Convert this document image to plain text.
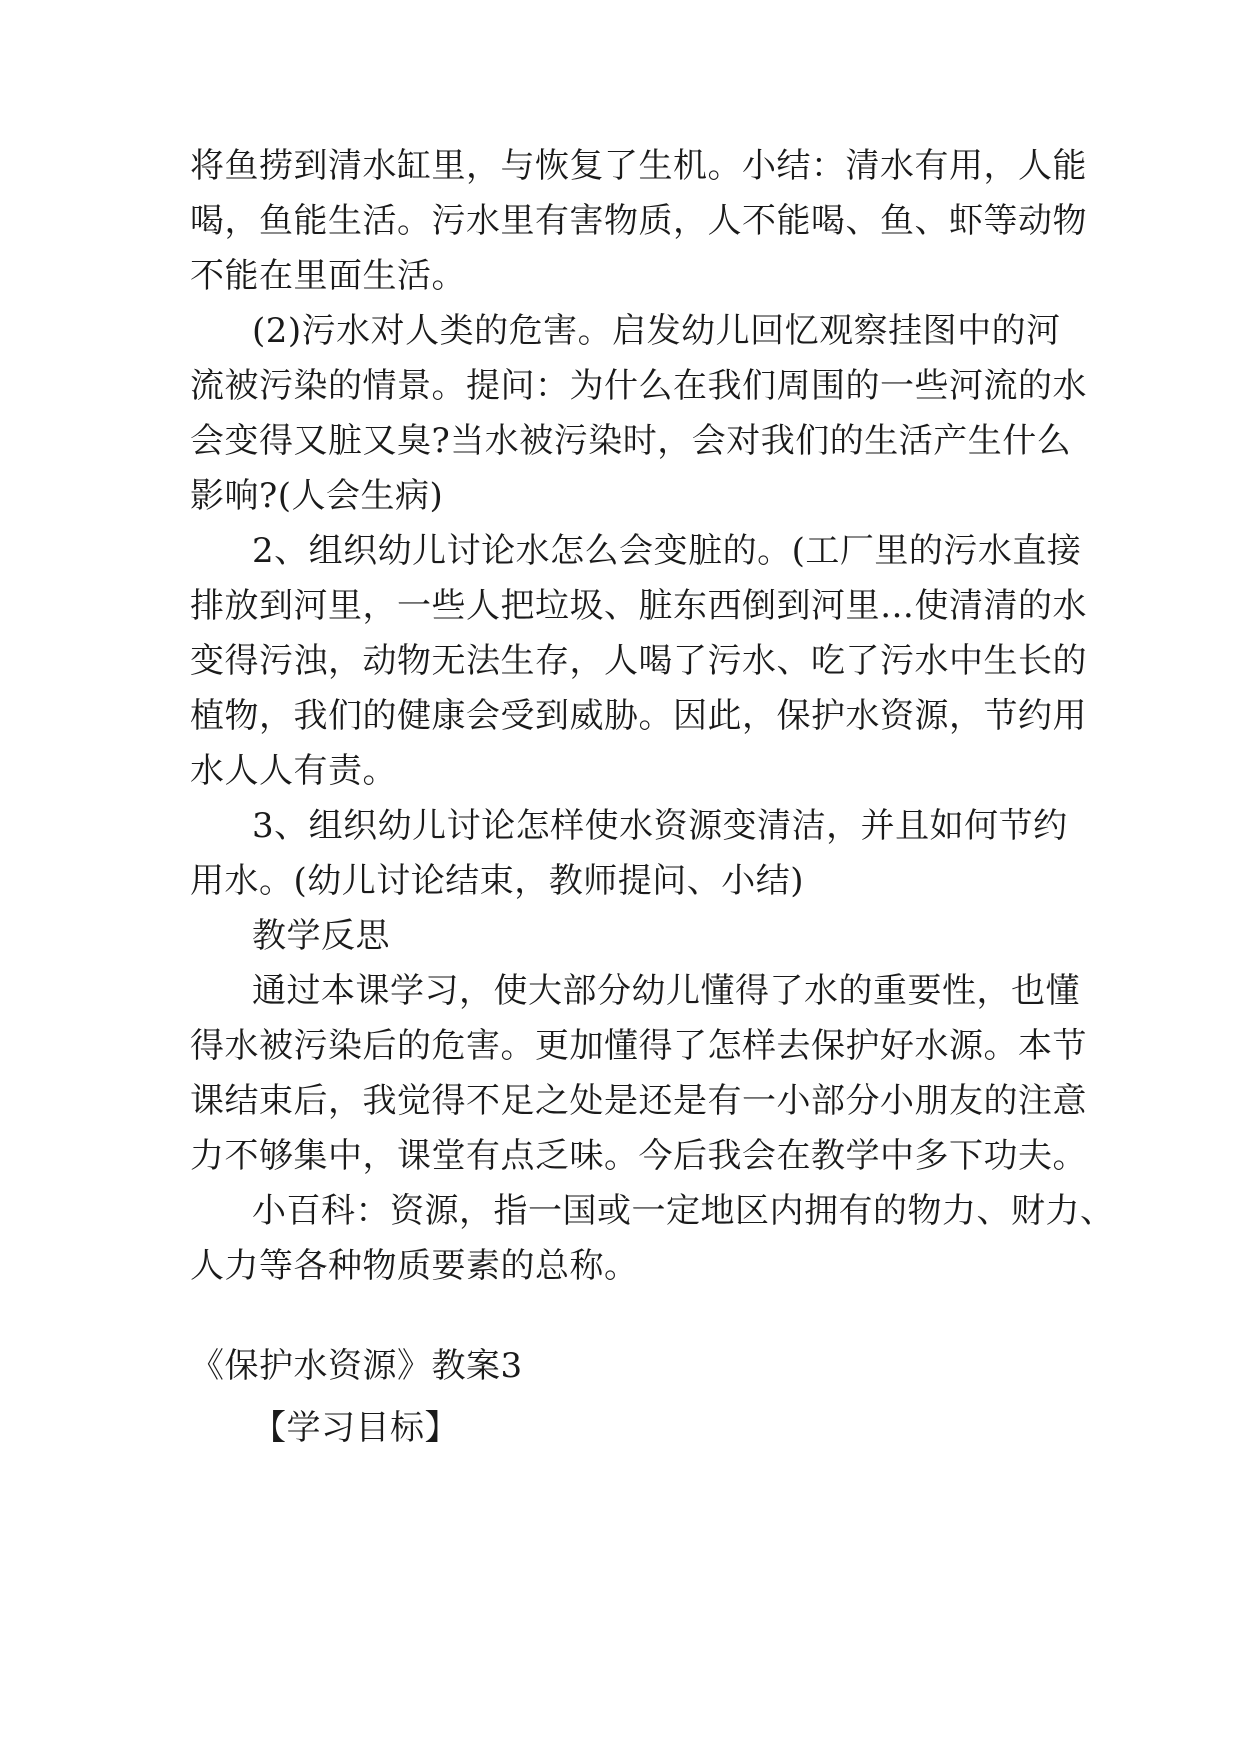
将鱼捞到清水缸里，与恢复了生机。小结：清水有用，人能
喝，鱼能生活。污水里有害物质，人不能喝、鱼、虾等动物
不能在里面生活。
(2)污水对人类的危害。启发幼儿回忆观察挂图中的河
流被污染的情景。提问：为什么在我们周围的一些河流的水
会变得又脏又臭?当水被污染时，会对我们的生活产生什么
影响?(人会生病)
2、组织幼儿讨论水怎么会变脏的。(工厂里的污水直接
排放到河里，一些人把垃圾、脏东西倒到河里…使清清的水
变得污浊，动物无法生存，人喝了污水、吃了污水中生长的
植物，我们的健康会受到威胁。因此，保护水资源，节约用
水人人有责。
3、组织幼儿讨论怎样使水资源变清洁，并且如何节约
用水。(幼儿讨论结束，教师提问、小结)
教学反思
通过本课学习，使大部分幼儿懂得了水的重要性，也懂
得水被污染后的危害。更加懂得了怎样去保护好水源。本节
课结束后，我觉得不足之处是还是有一小部分小朋友的注意
力不够集中，课堂有点乏味。今后我会在教学中多下功夫。
小百科：资源，指一国或一定地区内拥有的物力、财力、
人力等各种物质要素的总称。
《保护水资源》教案3
【学习目标】
